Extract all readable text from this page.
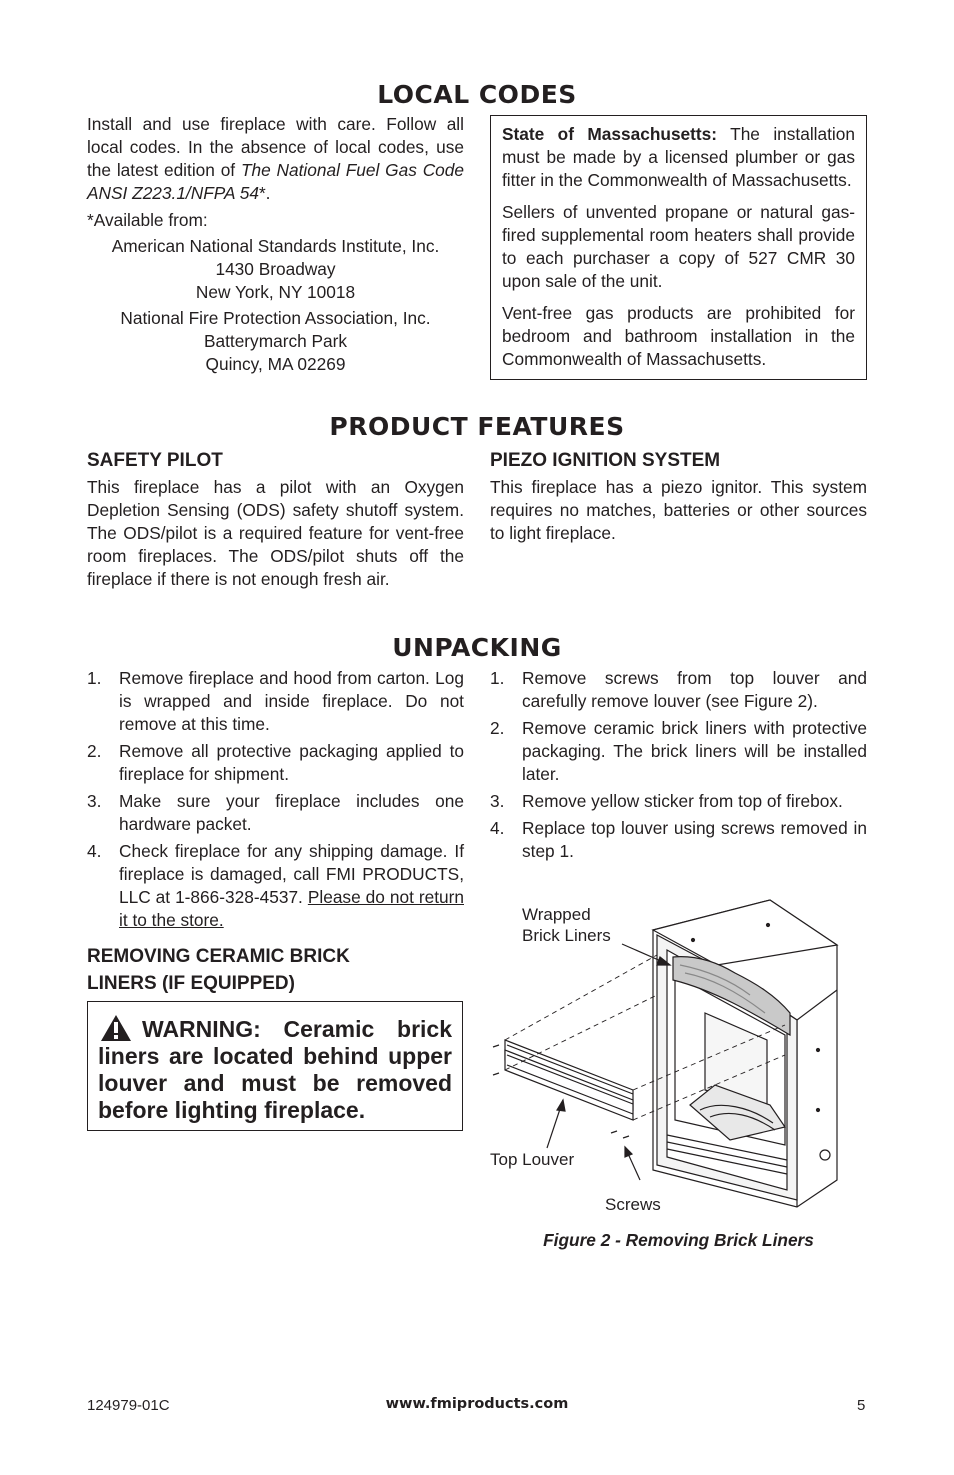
LOCAL CODES

Install and use fireplace with care. Follow all local codes. In the absence of local codes, use the latest edition of The National Fuel Gas Code ANSI Z223.1/NFPA 54*.

*Available from:

American National Standards Institute, Inc.
1430 Broadway
New York, NY 10018
National Fire Protection Association, Inc.
Batterymarch Park
Quincy, MA 02269

State of Massachusetts: The installation must be made by a licensed plumber or gas fitter in the Commonwealth of Massachusetts.

Sellers of unvented propane or natural gas-fired supplemental room heaters shall provide to each purchaser a copy of 527 CMR 30 upon sale of the unit.

Vent-free gas products are prohibited for bedroom and bathroom installation in the Commonwealth of Massachusetts.

PRODUCT FEATURES
SAFETY PILOT
This fireplace has a pilot with an Oxygen Depletion Sensing (ODS) safety shutoff system. The ODS/pilot is a required feature for vent-free room fireplaces. The ODS/pilot shuts off the fireplace if there is not enough fresh air.
PIEZO IGNITION SYSTEM
This fireplace has a piezo ignitor. This system requires no matches, batteries or other sources to light fireplace.
UNPACKING
1. Remove fireplace and hood from carton. Log is wrapped and inside fireplace. Do not remove at this time.
2. Remove all protective packaging applied to fireplace for shipment.
3. Make sure your fireplace includes one hardware packet.
4. Check fireplace for any shipping damage. If fireplace is damaged, call FMI PRODUCTS, LLC at 1-866-328-4537. Please do not return it to the store.
1. Remove screws from top louver and carefully remove louver (see Figure 2).
2. Remove ceramic brick liners with protective packaging. The brick liners will be installed later.
3. Remove yellow sticker from top of firebox.
4. Replace top louver using screws removed in step 1.
REMOVING CERAMIC BRICK
LINERS (IF EQUIPPED)
WARNING: Ceramic brick liners are located behind upper louver and must be removed before lighting fireplace.
Wrapped
Brick Liners
Top Louver
Screws
Figure 2 - Removing Brick Liners
124979-01C	www.fmiproducts.com	5
